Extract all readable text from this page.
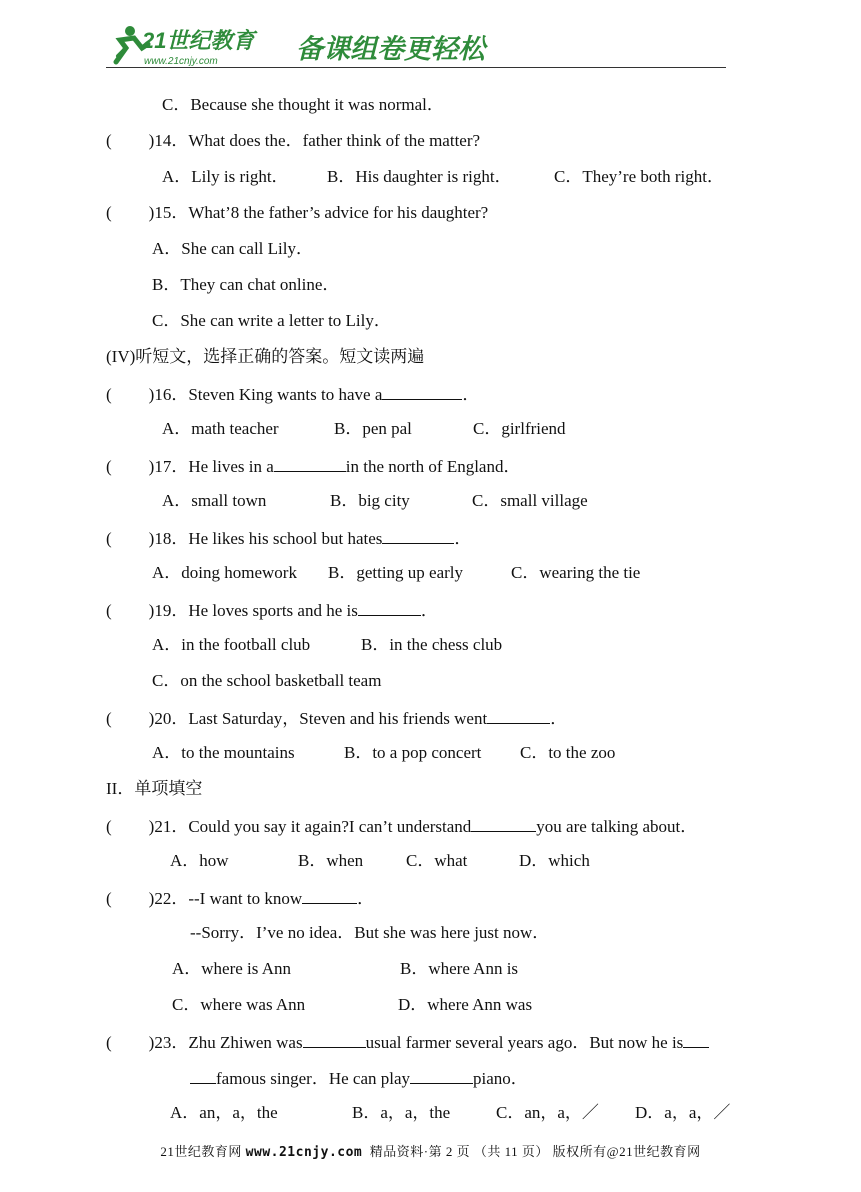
21世纪教育
www.21cnjy.com	备课组卷更轻松
C．Because she thought it was normal．
( )14．What does the．father think of the matter?
A．Lily is right． B．His daughter is right． C．They’re both right．
( )15．What’8 the father’s advice for his daughter?
A．She can call Lily．
B．They can chat online．
C．She can write a letter to Lily．
(IV)听短文，选择正确的答案。短文读两遍
( )16．Steven King wants to have a	．
A．math teacher	B．pen pal	C．girlfriend
( )17．He lives in a	in the north of England．
A．small town	B．big city	C．small village
( )18．He likes his school but hates	．
A．doing homework B．getting up early	C．wearing the tie
( )19．He loves sports and he is	．
A．in the football club	B．in the chess club
C．on the school basketball team
( )20．Last Saturday，Steven and his friends went	．
A．to the mountains	B．to a pop concert C．to the zoo
II．单项填空
( )21．Could you say it again?I can’t understand	you are talking about．
A．how	B．when	C．what	D．which
( )22．--I want to know	．
--Sorry．I’ve no idea．But she was here just now．
A．where is Ann	B．where Ann is
C．where was Ann	D．where Ann was
( )23．Zhu Zhiwen was	usual farmer several years ago．But now he is
famous singer．He can play	piano．
A．an，a，the	B．a，a，the	C．an，a，／ D．a，a，／
21世纪教育网 www.21cnjy.com  精品资料·第 2 页 （共 11 页） 版权所有@21世纪教育网
